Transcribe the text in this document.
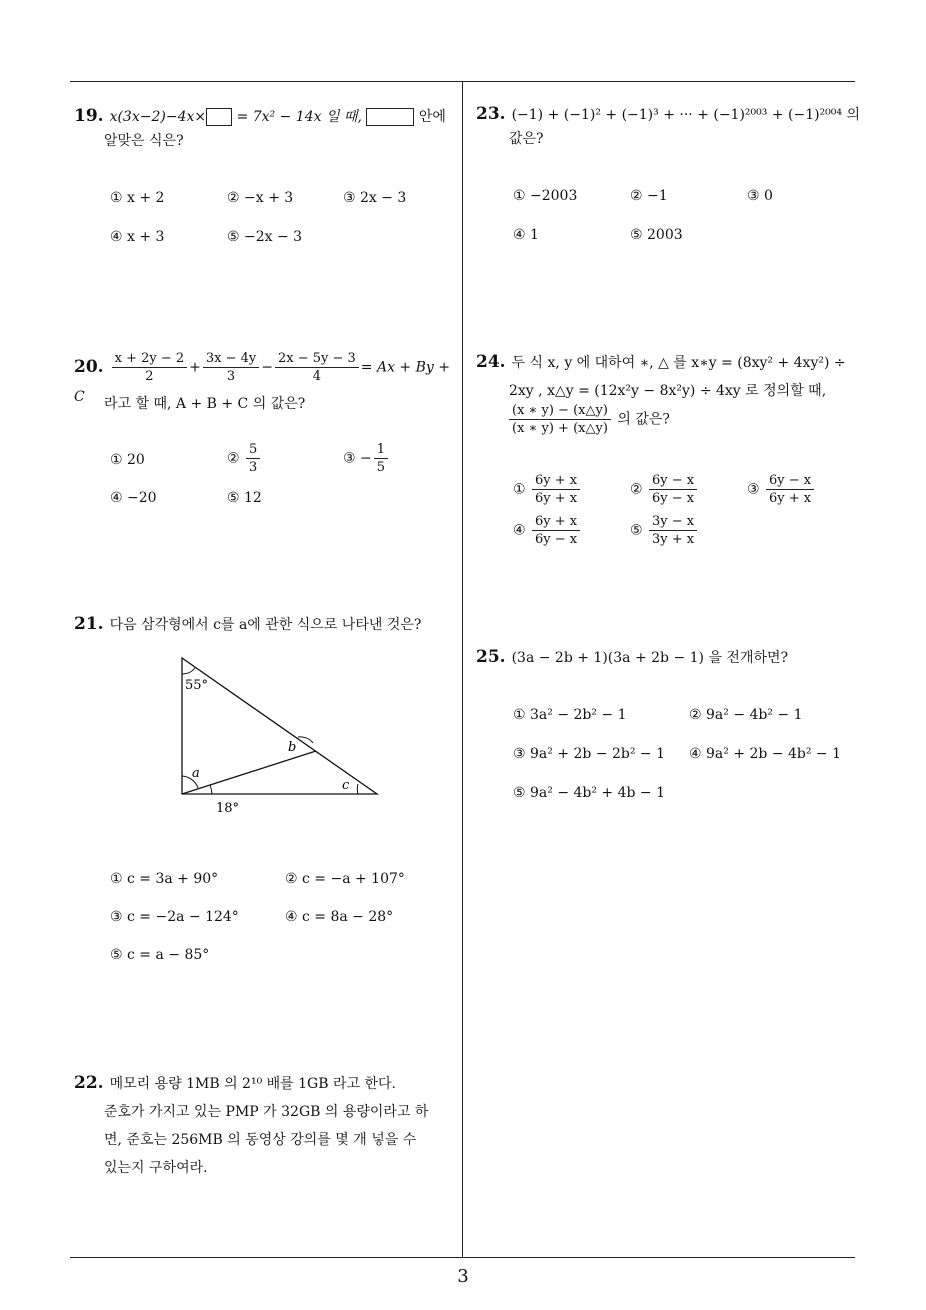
19. x(3x−2)−4x× = 7x² − 14x 일 때,	안에
알맞은 식은?
① x + 2	② −x + 3	③ 2x − 3
④ x + 3	⑤ −2x − 3
20. $\frac{x + 2y - 2}{2} + \frac{3x - 4y}{3} - \frac{2x - 5y - 3}{4} = Ax + By + C$	라고 할 때, A + B + C 의 값은?
① 20	② $\frac{5}{3}$	③ − $\frac{1}{5}$
④ −20	⑤ 12
21. 다음 삼각형에서 c를 a에 관한 식으로 나타낸 것은?
55°
b
a
c
18°
① c = 3a + 90°	② c = −a + 107°
③ c = −2a − 124°	④ c = 8a − 28°
⑤ c = a − 85°
22. 메모리 용량 1MB 의 2¹⁰ 배를 1GB 라고 한다.
준호가 가지고 있는 PMP 가 32GB 의 용량이라고 하
면, 준호는 256MB 의 동영상 강의를 몇 개 넣을 수
있는지 구하여라.
23. (−1) + (−1)² + (−1)³ + ··· + (−1)²⁰⁰³ + (−1)²⁰⁰⁴ 의
값은?
① −2003	② −1	③ 0
④ 1	⑤ 2003
24. 두 식 x, y 에 대하여 ∗, △ 를 x∗y = (8xy² + 4xy²) ÷
2xy , x△y = (12x²y − 8x²y) ÷ 4xy 로 정의할 때,
$\frac{(x ∗ y) - (x\triangle y)}{(x ∗ y) + (x\triangle y)}$ 의 값은?
① $\frac{6y + x}{6y + x}$	② $\frac{6y - x}{6y - x}$	③ $\frac{6y - x}{6y + x}$
④ $\frac{6y + x}{6y - x}$	⑤ $\frac{3y - x}{3y + x}$
25. (3a − 2b + 1)(3a + 2b − 1) 을 전개하면?
① 3a² − 2b² − 1	② 9a² − 4b² − 1
③ 9a² + 2b − 2b² − 1 ④ 9a² + 2b − 4b² − 1
⑤ 9a² − 4b² + 4b − 1
3
